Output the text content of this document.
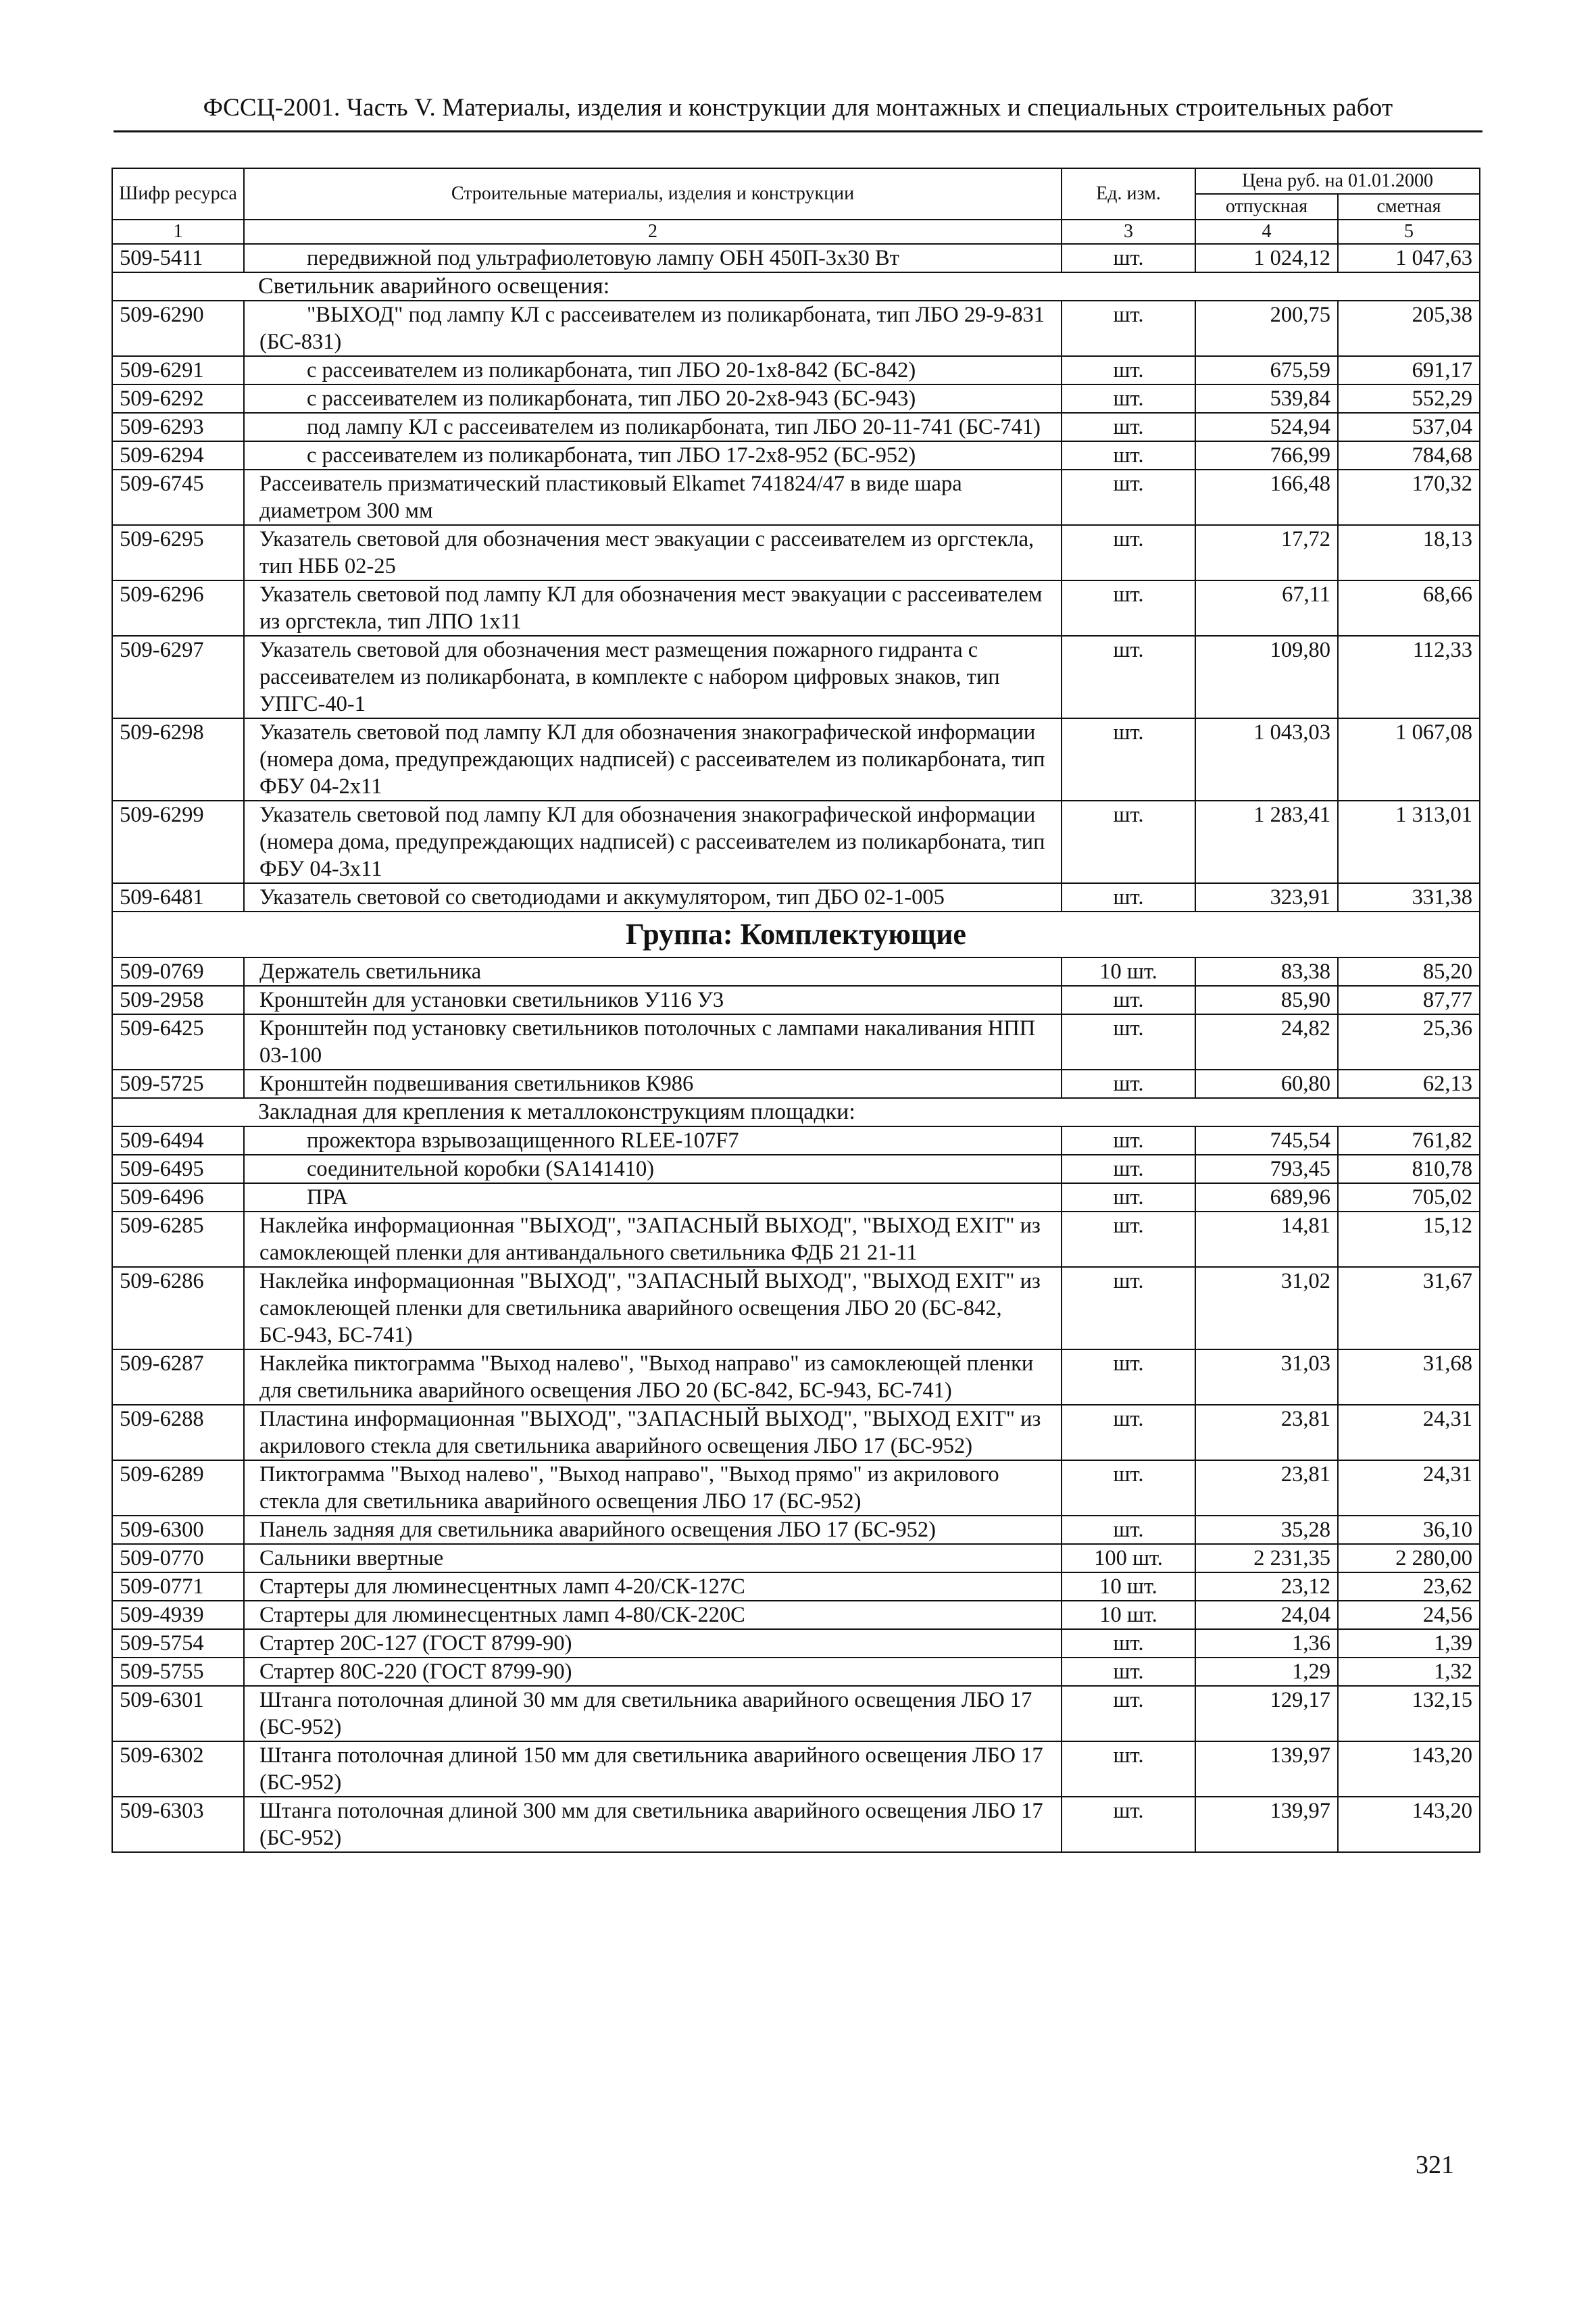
ФССЦ-2001. Часть V. Материалы, изделия и конструкции для монтажных и специальных строительных работ
Шифр ресурса	Строительные материалы, изделия и конструкции	Ед. изм.	Цена руб. на 01.01.2000	
			отпускная	сметная
1	2	3	4	5
509-5411	передвижной под ультрафиолетовую лампу ОБН 450П-3х30 Вт	шт.	1 024,12	1 047,63
Светильник аварийного освещения:				
509-6290	"ВЫХОД" под лампу КЛ с рассеивателем из поликарбоната, тип ЛБО 29-9-831 (БС-831)	шт.	200,75	205,38
509-6291	с рассеивателем из поликарбоната, тип ЛБО 20-1х8-842 (БС-842)	шт.	675,59	691,17
509-6292	с рассеивателем из поликарбоната, тип ЛБО 20-2х8-943 (БС-943)	шт.	539,84	552,29
509-6293	под лампу КЛ с рассеивателем из поликарбоната, тип ЛБО 20-11-741 (БС-741)	шт.	524,94	537,04
509-6294	с рассеивателем из поликарбоната, тип ЛБО 17-2х8-952 (БС-952)	шт.	766,99	784,68
509-6745	Рассеиватель призматический пластиковый Elkamet 741824/47 в виде шара диаметром 300 мм	шт.	166,48	170,32
509-6295	Указатель световой для обозначения мест эвакуации с рассеивателем из оргстекла, тип НББ 02-25	шт.	17,72	18,13
509-6296	Указатель световой под лампу КЛ для обозначения мест эвакуации с рассеивателем из оргстекла, тип ЛПО 1х11	шт.	67,11	68,66
509-6297	Указатель световой для обозначения мест размещения пожарного гидранта с рассеивателем из поликарбоната, в комплекте с набором цифровых знаков, тип УПГС-40-1	шт.	109,80	112,33
509-6298	Указатель световой под лампу КЛ для обозначения знакографической информации (номера дома, предупреждающих надписей) с рассеивателем из поликарбоната, тип ФБУ 04-2х11	шт.	1 043,03	1 067,08
509-6299	Указатель световой под лампу КЛ для обозначения знакографической информации (номера дома, предупреждающих надписей) с рассеивателем из поликарбоната, тип ФБУ 04-3х11	шт.	1 283,41	1 313,01
509-6481	Указатель световой со светодиодами и аккумулятором, тип ДБО 02-1-005	шт.	323,91	331,38
Группа: Комплектующие				
509-0769	Держатель светильника	10 шт.	83,38	85,20
509-2958	Кронштейн для установки светильников У116 У3	шт.	85,90	87,77
509-6425	Кронштейн под установку светильников потолочных с лампами накаливания НПП 03-100	шт.	24,82	25,36
509-5725	Кронштейн подвешивания светильников К986	шт.	60,80	62,13
Закладная для крепления к металлоконструкциям площадки:				
509-6494	прожектора взрывозащищенного RLEE-107F7	шт.	745,54	761,82
509-6495	соединительной коробки (SA141410)	шт.	793,45	810,78
509-6496	ПРА	шт.	689,96	705,02
509-6285	Наклейка информационная "ВЫХОД", "ЗАПАСНЫЙ ВЫХОД", "ВЫХОД EXIT" из самоклеющей пленки для антивандального светильника ФДБ 21 21-11	шт.	14,81	15,12
509-6286	Наклейка информационная "ВЫХОД", "ЗАПАСНЫЙ ВЫХОД", "ВЫХОД EXIT" из самоклеющей пленки для светильника аварийного освещения ЛБО 20 (БС-842, БС-943, БС-741)	шт.	31,02	31,67
509-6287	Наклейка пиктограмма "Выход налево", "Выход направо" из самоклеющей пленки для светильника аварийного освещения ЛБО 20 (БС-842, БС-943, БС-741)	шт.	31,03	31,68
509-6288	Пластина информационная "ВЫХОД", "ЗАПАСНЫЙ ВЫХОД", "ВЫХОД EXIT" из акрилового стекла для светильника аварийного освещения ЛБО 17 (БС-952)	шт.	23,81	24,31
509-6289	Пиктограмма "Выход налево", "Выход направо", "Выход прямо" из акрилового стекла для светильника аварийного освещения ЛБО 17 (БС-952)	шт.	23,81	24,31
509-6300	Панель задняя для светильника аварийного освещения ЛБО 17 (БС-952)	шт.	35,28	36,10
509-0770	Сальники ввертные	100 шт.	2 231,35	2 280,00
509-0771	Стартеры для люминесцентных ламп 4-20/СК-127С	10 шт.	23,12	23,62
509-4939	Стартеры для люминесцентных ламп 4-80/СК-220С	10 шт.	24,04	24,56
509-5754	Стартер 20С-127 (ГОСТ 8799-90)	шт.	1,36	1,39
509-5755	Стартер 80С-220 (ГОСТ 8799-90)	шт.	1,29	1,32
509-6301	Штанга потолочная длиной 30 мм для светильника аварийного освещения ЛБО 17 (БС-952)	шт.	129,17	132,15
509-6302	Штанга потолочная длиной 150 мм для светильника аварийного освещения ЛБО 17 (БС-952)	шт.	139,97	143,20
509-6303	Штанга потолочная длиной 300 мм для светильника аварийного освещения ЛБО 17 (БС-952)	шт.	139,97	143,20
321
